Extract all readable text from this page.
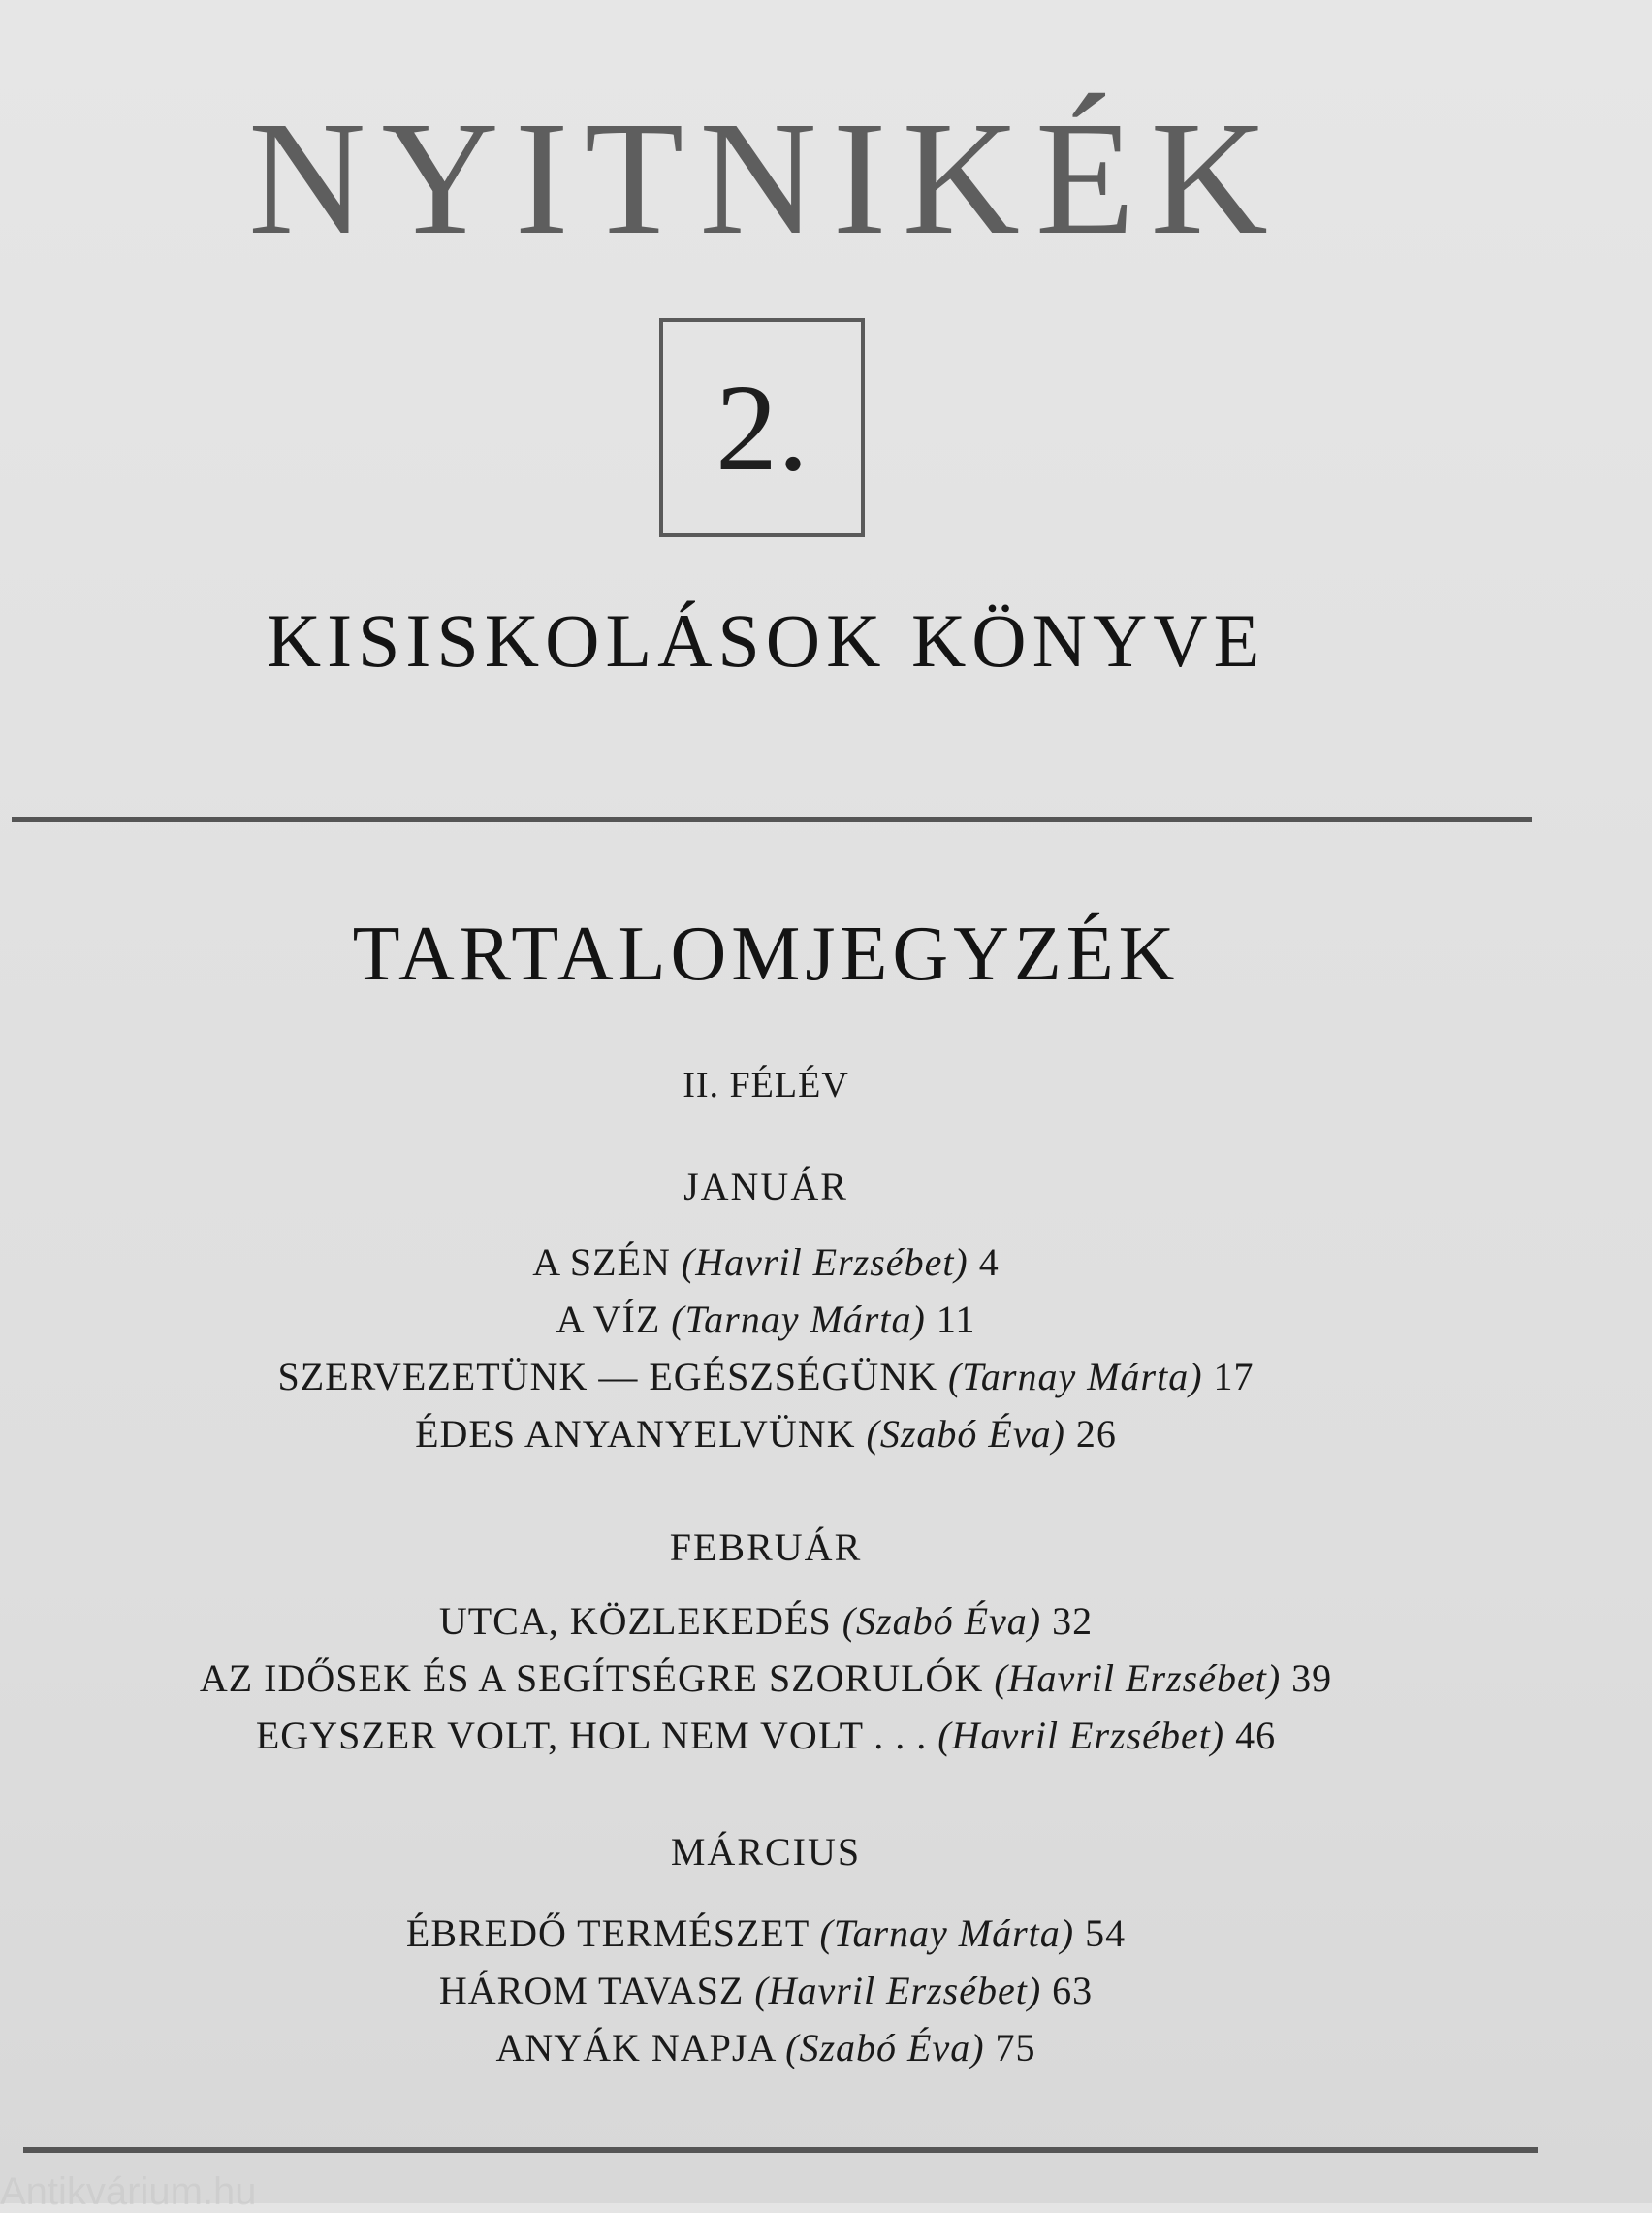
NYITNIKÉK
2.
KISISKOLÁSOK KÖNYVE
TARTALOMJEGYZÉK
II. FÉLÉV
JANUÁR
A SZÉN (Havril Erzsébet) 4
A VÍZ (Tarnay Márta) 11
SZERVEZETÜNK — EGÉSZSÉGÜNK (Tarnay Márta) 17
ÉDES ANYANYELVÜNK (Szabó Éva) 26
FEBRUÁR
UTCA, KÖZLEKEDÉS (Szabó Éva) 32
AZ IDŐSEK ÉS A SEGÍTSÉGRE SZORULÓK (Havril Erzsébet) 39
EGYSZER VOLT, HOL NEM VOLT . . . (Havril Erzsébet) 46
MÁRCIUS
ÉBREDŐ TERMÉSZET (Tarnay Márta) 54
HÁROM TAVASZ (Havril Erzsébet) 63
ANYÁK NAPJA (Szabó Éva) 75
Antikvárium.hu
